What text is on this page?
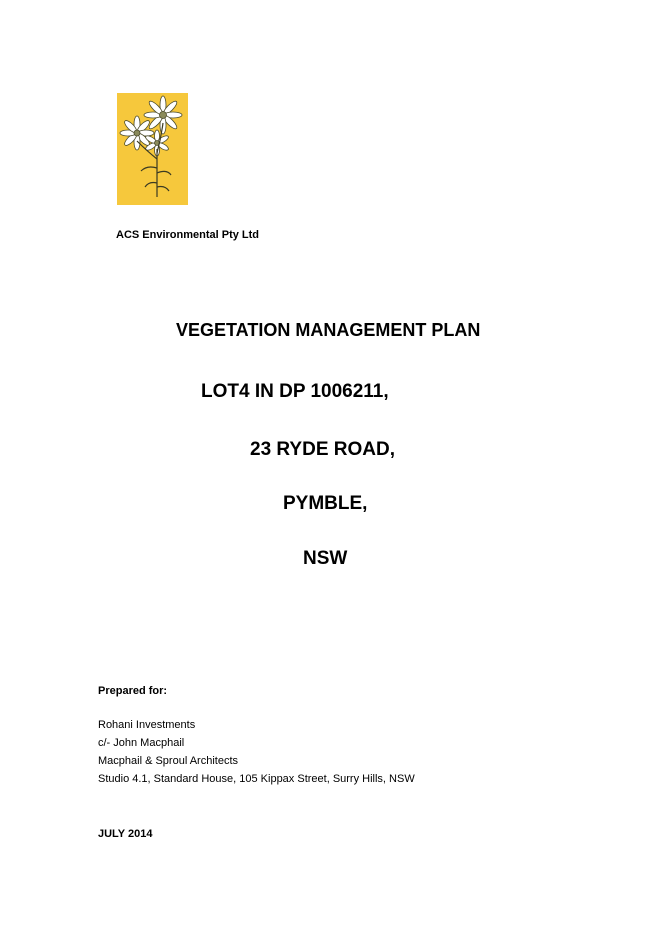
ACS Environmental Pty Ltd
VEGETATION MANAGEMENT PLAN
LOT4 IN DP 1006211,
23 RYDE ROAD,
PYMBLE,
NSW
Prepared for:
Rohani Investments
c/- John Macphail
Macphail & Sproul Architects
Studio 4.1, Standard House, 105 Kippax Street, Surry Hills, NSW
JULY 2014
